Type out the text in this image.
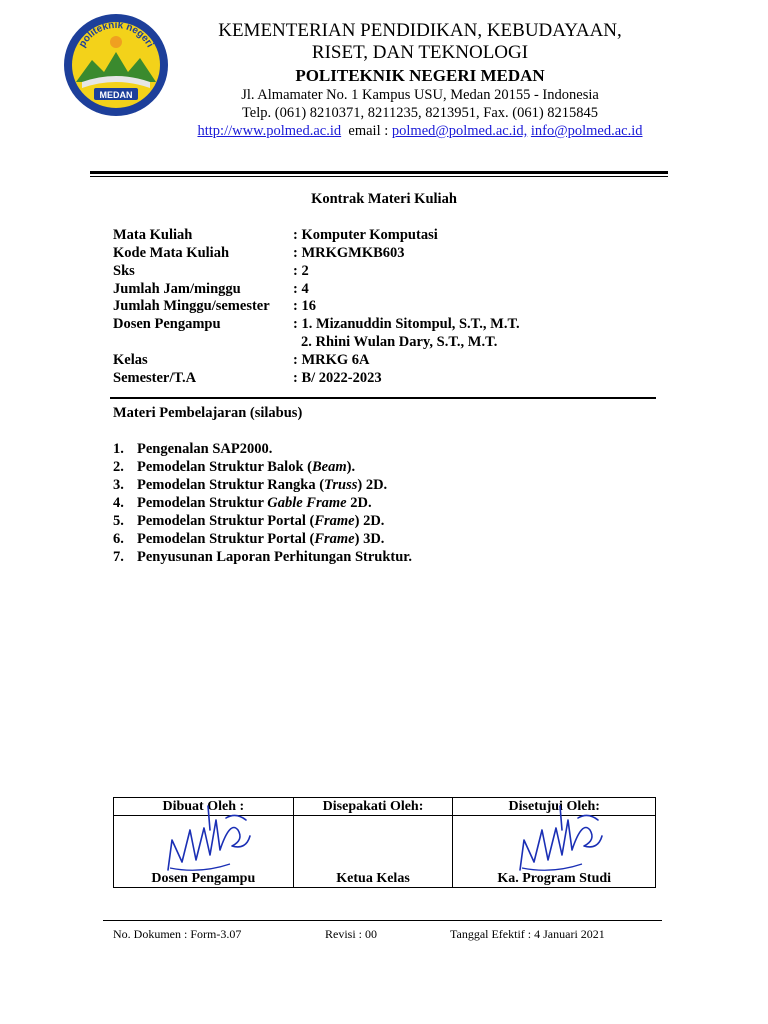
MEDAN
politeknik negeri
KEMENTERIAN PENDIDIKAN, KEBUDAYAAN,
RISET, DAN TEKNOLOGI
POLITEKNIK NEGERI MEDAN
Jl. Almamater No. 1 Kampus USU, Medan 20155 - Indonesia
Telp. (061) 8210371, 8211235, 8213951, Fax. (061) 8215845
http://www.polmed.ac.id email : polmed@polmed.ac.id, info@polmed.ac.id
Kontrak Materi Kuliah
Mata Kuliah	: Komputer Komputasi
Kode Mata Kuliah	: MRKGMKB603
Sks	: 2
Jumlah Jam/minggu	: 4
Jumlah Minggu/semester : 16
Dosen Pengampu	: 1. Mizanuddin Sitompul, S.T., M.T.
2. Rhini Wulan Dary, S.T., M.T.
Kelas	: MRKG 6A
Semester/T.A	: B/ 2022-2023
Materi Pembelajaran (silabus)
1. Pengenalan SAP2000.
2. Pemodelan Struktur Balok (Beam).
3. Pemodelan Struktur Rangka (Truss) 2D.
4. Pemodelan Struktur Gable Frame 2D.
5. Pemodelan Struktur Portal (Frame) 2D.
6. Pemodelan Struktur Portal (Frame) 3D.
7. Penyusunan Laporan Perhitungan Struktur.
Dibuat Oleh :	Disepakati Oleh:	Disetujui Oleh:

Dosen Pengampu	Ketua Kelas	Ka. Program Studi
No. Dokumen : Form-3.07	Revisi : 00	Tanggal Efektif : 4 Januari 2021
